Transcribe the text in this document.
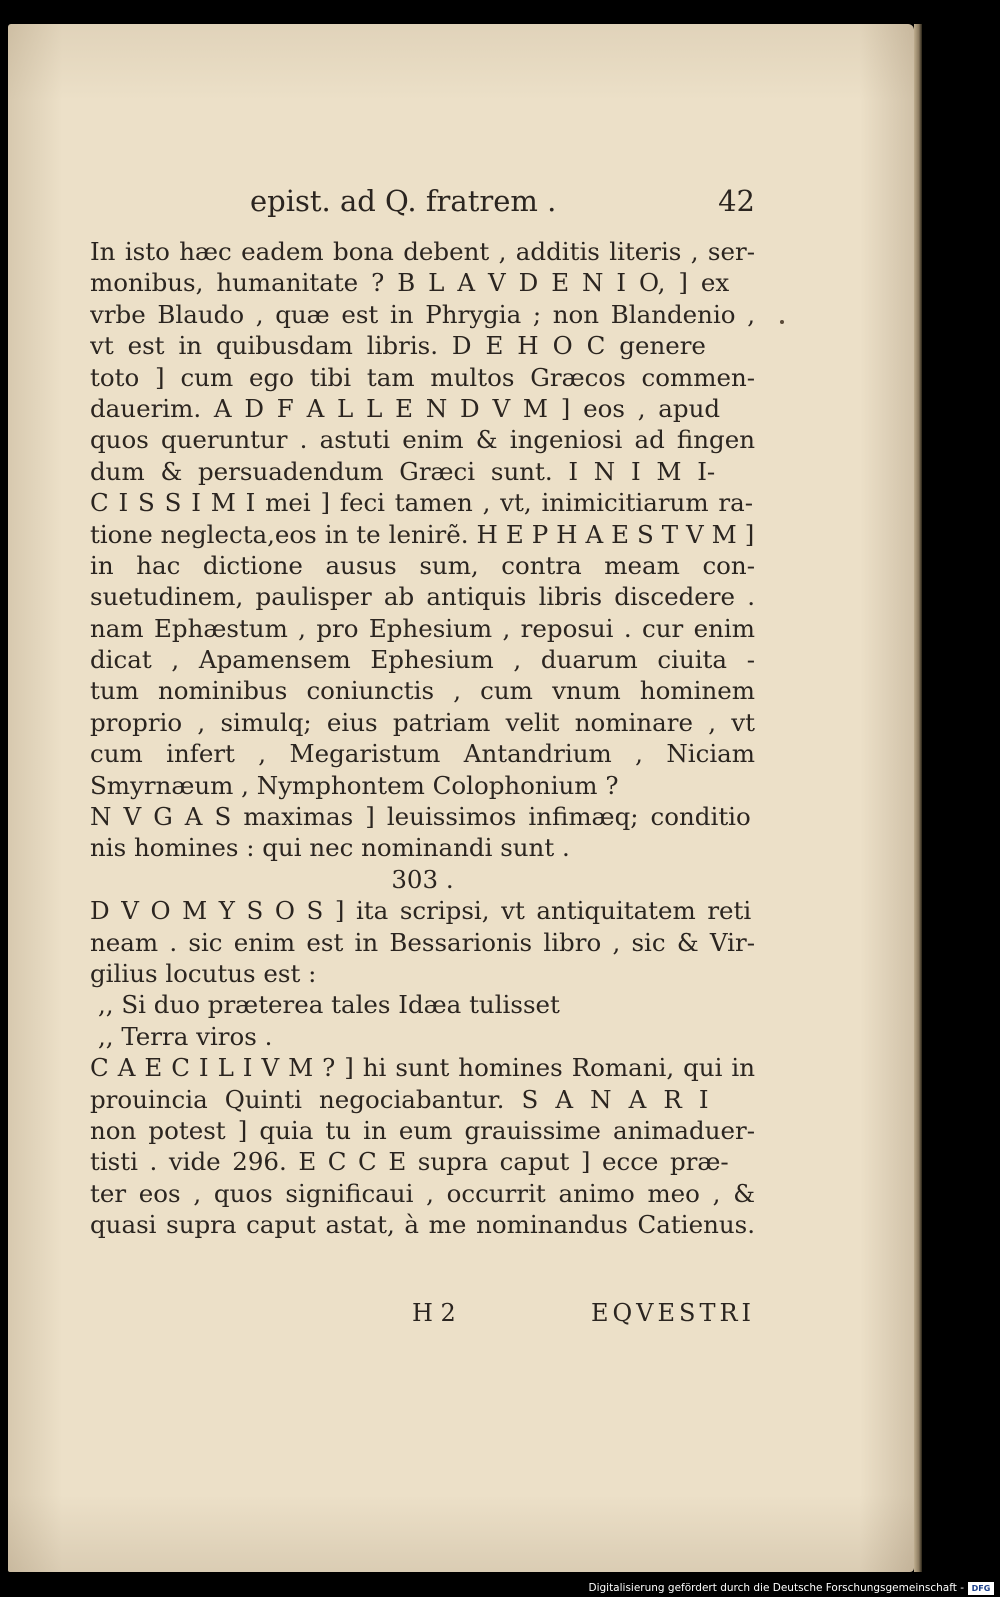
epist. ad Q. fratrem .	42
In isto hæc eadem bona debent , additis literis , ser-
monibus, humanitate ? B L A V D E N I O, ] ex
vrbe Blaudo , quæ est in Phrygia ; non Blandenio ,
vt est in quibusdam libris. D E H O C genere
toto ] cum ego tibi tam multos Græcos commen-
dauerim. A D F A L L E N D V M ] eos , apud
quos queruntur . astuti enim & ingeniosi ad fingen
dum & persuadendum Græci sunt. I N I M I-
C I S S I M I mei ] feci tamen , vt, inimicitiarum ra-
tione neglecta,eos in te lenirẽ. H E P H A E S T V M ]
in hac dictione ausus sum, contra meam con-
suetudinem, paulisper ab antiquis libris discedere .
nam Ephæstum , pro Ephesium , reposui . cur enim
dicat , Apamensem Ephesium , duarum ciuita -
tum nominibus coniunctis , cum vnum hominem
proprio , simulq; eius patriam velit nominare , vt
cum infert , Megaristum Antandrium , Niciam
Smyrnæum , Nymphontem Colophonium ?
N V G A S maximas ] leuissimos infimæq; conditio
nis homines : qui nec nominandi sunt .
303 .
D V O M Y S O S ] ita scripsi, vt antiquitatem reti
neam . sic enim est in Bessarionis libro , sic & Vir-
gilius locutus est :
,, Si duo præterea tales Idæa tulisset
,, Terra viros .
C A E C I L I V M ? ] hi sunt homines Romani, qui in
prouincia Quinti negociabantur. S A N A R I
non potest ] quia tu in eum grauissime animaduer-
tisti . vide 296. E C C E supra caput ] ecce præ-
ter eos , quos significaui , occurrit animo meo , &
quasi supra caput astat, à me nominandus Catienus.
H 2	EQVESTRI
Digitalisierung gefördert durch die Deutsche Forschungsgemeinschaft - DFG
